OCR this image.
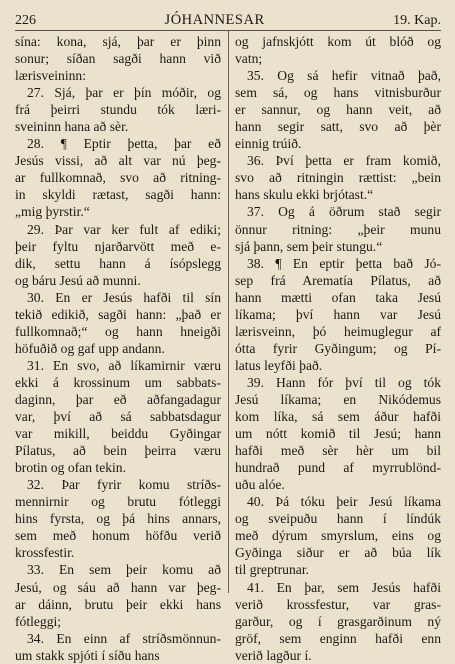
226	JÓHANNESAR	19. Kap.
sína: kona, sjá, þar er þinn
sonur; síðan sagði hann við
lærisveininn:
27. Sjá, þar er þín móðir, og
frá þeirri stundu tók læri-
sveininn hana að sèr.
28. ¶ Eptir þetta, þar eð
Jesús vissi, að alt var nú þeg-
ar fullkomnað, svo að ritning-
in skyldi rætast, sagði hann:
„mig þyrstir.“
29. Þar var ker fult af ediki;
þeir fyltu njarðarvött með e-
dik, settu hann á ísópslegg
og báru Jesú að munni.
30. En er Jesús hafði til sín
tekið edikið, sagði hann: „það er
fullkomnað;“ og hann hneigði
höfuðið og gaf upp andann.
31. En svo, að líkamirnir væru
ekki á krossinum um sabbats-
daginn, þar eð aðfangadagur
var, því að sá sabbatsdagur
var mikill, beiddu Gyðingar
Pílatus, að bein þeirra væru
brotin og ofan tekin.
32. Þar fyrir komu stríðs-
mennirnir og brutu fótleggi
hins fyrsta, og þá hins annars,
sem með honum höfðu verið
krossfestir.
33. En sem þeir komu að
Jesú, og sáu að hann var þeg-
ar dáinn, brutu þeir ekki hans
fótleggi;
34. En einn af stríðsmönnun-
um stakk spjóti í síðu hans
og jafnskjótt kom út blóð og
vatn;
35. Og sá hefir vitnað það,
sem sá, og hans vitnisburður
er sannur, og hann veit, að
hann segir satt, svo að þèr
einnig trúið.
36. Því þetta er fram komið,
svo að ritningin rættist: „bein
hans skulu ekki brjótast.“
37. Og á öðrum stað segir
önnur ritning: „þeir munu
sjá þann, sem þeir stungu.“
38. ¶ En eptir þetta bað Jó-
sep frá Arematía Pílatus, að
hann mætti ofan taka Jesú
líkama; því hann var Jesú
lærisveinn, þó heimuglegur af
ótta fyrir Gyðingum; og Pí-
latus leyfði það.
39. Hann fór því til og tók
Jesú líkama; en Nikódemus
kom líka, sá sem áður hafði
um nótt komið til Jesú; hann
hafði með sèr hèr um bil
hundrað pund af myrrublönd-
uðu alóe.
40. Þá tóku þeir Jesú líkama
og sveipuðu hann í líndúk
með dýrum smyrslum, eins og
Gyðinga siður er að búa lík
til greptrunar.
41. En þar, sem Jesús hafði
verið krossfestur, var gras-
garður, og í grasgarðinum ný
gröf, sem enginn hafði enn
verið lagður í.
